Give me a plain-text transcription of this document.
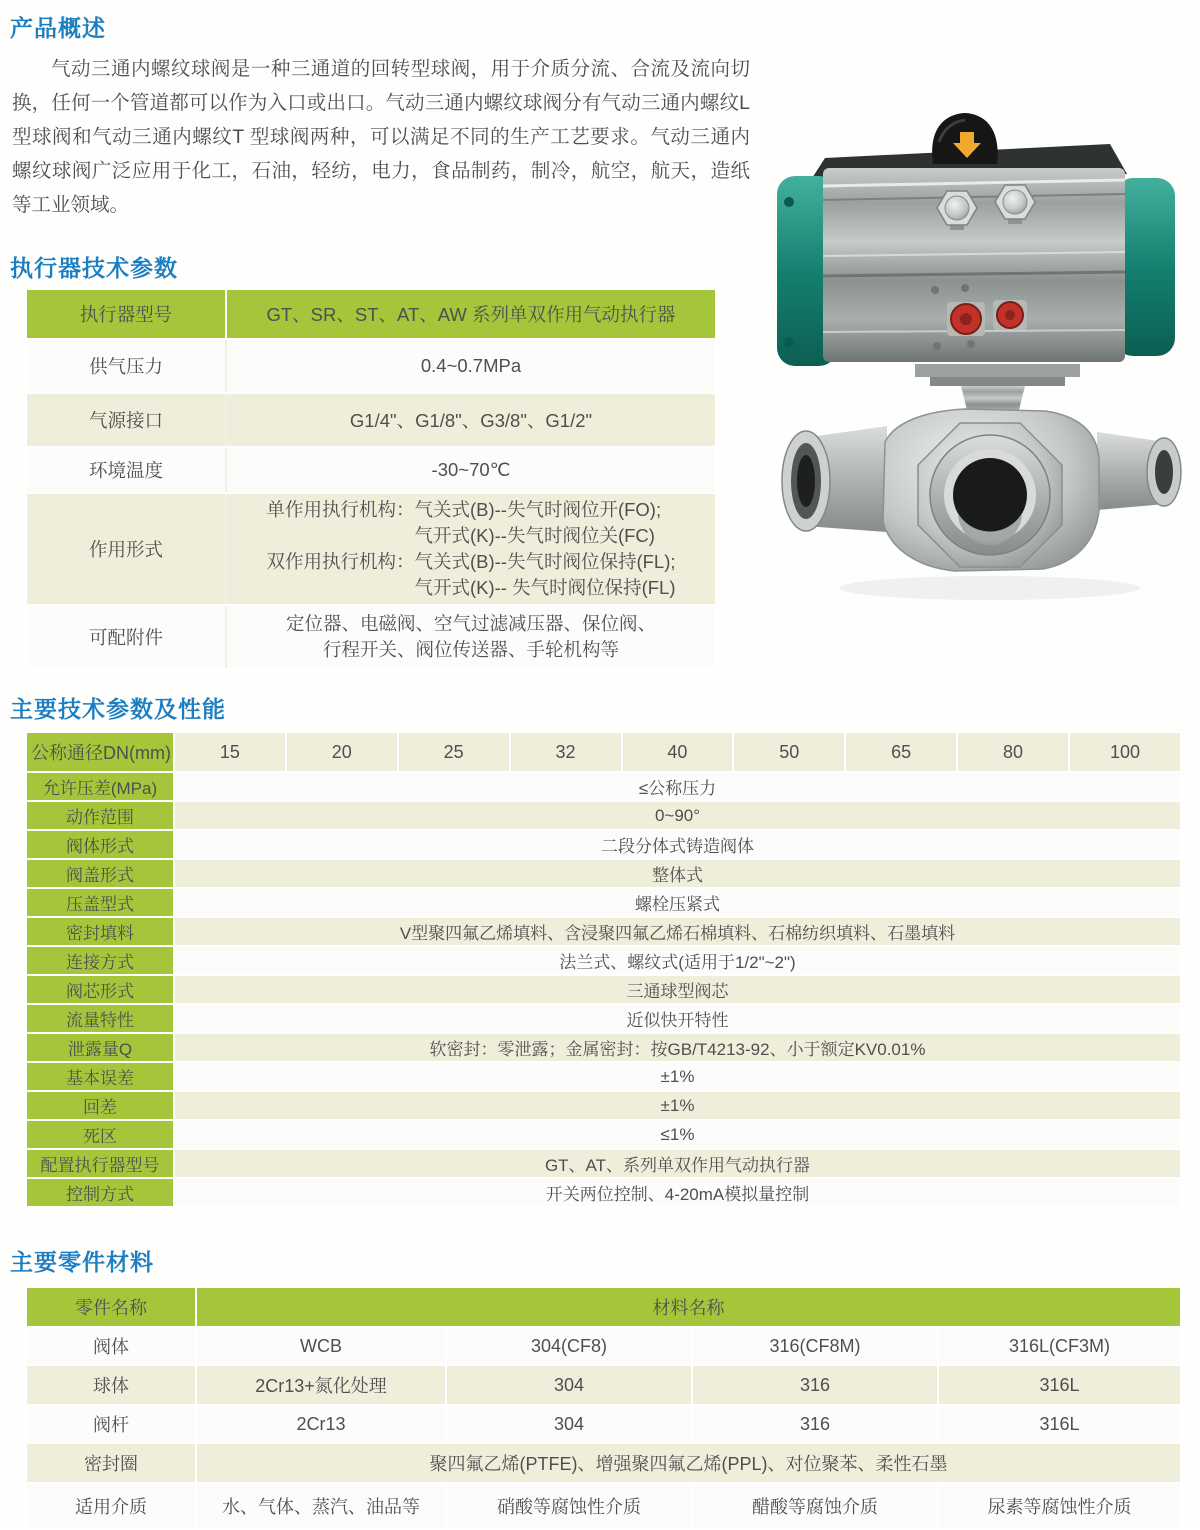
产品概述

气动三通内螺纹球阀是一种三通道的回转型球阀，用于介质分流、合流及流向切换，任何一个管道都可以作为入口或出口。气动三通内螺纹球阀分有气动三通内螺纹L 型球阀和气动三通内螺纹T 型球阀两种，可以满足不同的生产工艺要求。气动三通内螺纹球阀广泛应用于化工，石油，轻纺，电力，食品制药，制冷，航空，航天，造纸等工业领域。

执行器技术参数
执行器型号	GT、SR、ST、AT、AW 系列单双作用气动执行器
供气压力	0.4~0.7MPa
气源接口	G1/4"、G1/8"、G3/8"、G1/2"
环境温度	-30~70℃
作用形式	单作用执行机构：气关式(B)--失气时阀位开(FO);
气开式(K)--失气时阀位关(FC)
双作用执行机构：气关式(B)--失气时阀位保持(FL);
气开式(K)-- 失气时阀位保持(FL)

可配附件	定位器、电磁阀、空气过滤减压器、保位阀、
行程开关、阀位传送器、手轮机构等
主要技术参数及性能
公称通径DN(mm)	15	20	25	32	40	50	65	80	100
允许压差(MPa)	≤公称压力								
动作范围	0~90°								
阀体形式	二段分体式铸造阀体								
阀盖形式	整体式								
压盖型式	螺栓压紧式								
密封填料	V型聚四氟乙烯填料、含浸聚四氟乙烯石棉填料、石棉纺织填料、石墨填料								
连接方式	法兰式、螺纹式(适用于1/2"~2")								
阀芯形式	三通球型阀芯								
流量特性	近似快开特性								
泄露量Q	软密封：零泄露；金属密封：按GB/T4213-92、小于额定KV0.01%								
基本误差	±1%								
回差	±1%								
死区	≤1%								
配置执行器型号	GT、AT、系列单双作用气动执行器								
控制方式	开关两位控制、4-20mA模拟量控制								
主要零件材料
零件名称	材料名称			
阀体	WCB	304(CF8)	316(CF8M)	316L(CF3M)
球体	2Cr13+氮化处理	304	316	316L
阀杆	2Cr13	304	316	316L
密封圈	聚四氟乙烯(PTFE)、增强聚四氟乙烯(PPL)、对位聚苯、柔性石墨			
适用介质	水、气体、蒸汽、油品等	硝酸等腐蚀性介质	醋酸等腐蚀介质	尿素等腐蚀性介质
